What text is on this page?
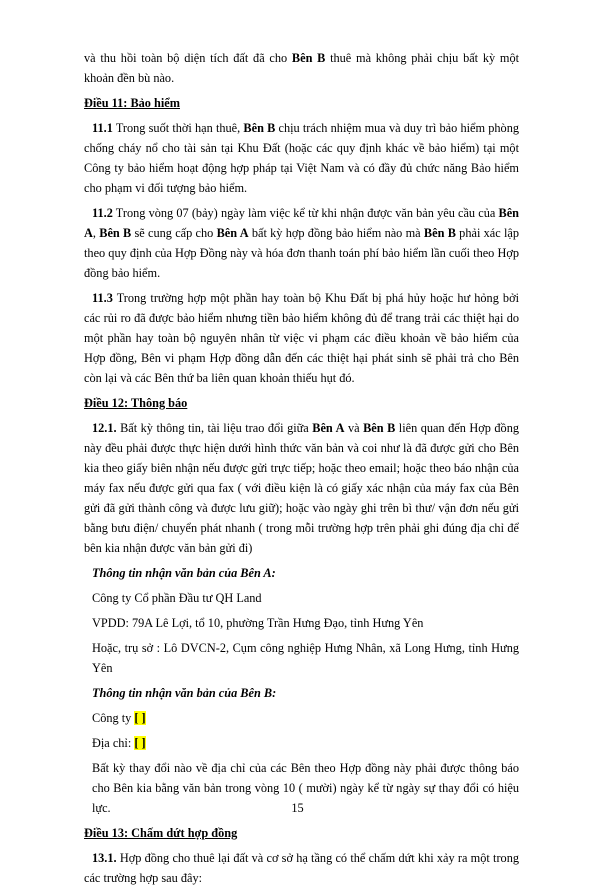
và thu hồi toàn bộ diện tích đất đã cho Bên B thuê mà không phải chịu bất kỳ một khoản đền bù nào.

Điều 11: Bảo hiểm

11.1 Trong suốt thời hạn thuê, Bên B chịu trách nhiệm mua và duy trì bảo hiểm phòng chống cháy nổ cho tài sản tại Khu Đất (hoặc các quy định khác về bảo hiểm) tại một Công ty bảo hiểm hoạt động hợp pháp tại Việt Nam và có đầy đủ chức năng Bảo hiểm cho phạm vi đối tượng bảo hiểm.

11.2 Trong vòng 07 (bảy) ngày làm việc kể từ khi nhận được văn bản yêu cầu của Bên A, Bên B sẽ cung cấp cho Bên A bất kỳ hợp đồng bảo hiểm nào mà Bên B phải xác lập theo quy định của Hợp Đồng này và hóa đơn thanh toán phí bảo hiểm lần cuối theo Hợp đồng bảo hiểm.

11.3 Trong trường hợp một phần hay toàn bộ Khu Đất bị phá hủy hoặc hư hỏng bởi các rủi ro đã được bảo hiểm nhưng tiền bảo hiểm không đủ để trang trải các thiệt hại do một phần hay toàn bộ nguyên nhân từ việc vi phạm các điều khoản về bảo hiểm của Hợp đồng, Bên vi phạm Hợp đồng dẫn đến các thiệt hại phát sinh sẽ phải trả cho Bên còn lại và các Bên thứ ba liên quan khoản thiếu hụt đó.

Điều 12: Thông báo

12.1. Bất kỳ thông tin, tài liệu trao đổi giữa Bên A và Bên B liên quan đến Hợp đồng này đều phải được thực hiện dưới hình thức văn bản và coi như là đã được gửi cho Bên kia theo giấy biên nhận nếu được gửi trực tiếp; hoặc theo email; hoặc theo báo nhận của máy fax nếu được gửi qua fax ( với điều kiện là có giấy xác nhận của máy fax của Bên gửi đã gửi thành công và được lưu giữ); hoặc vào ngày ghi trên bì thư/ vận đơn nếu gửi bằng bưu điện/ chuyển phát nhanh ( trong mỗi trường hợp trên phải ghi đúng địa chỉ để bên kia nhận được văn bản gửi đi)

Thông tin nhận văn bản của Bên A:

Công ty Cổ phần Đầu tư QH Land

VPDD: 79A Lê Lợi, tổ 10, phường Trần Hưng Đạo, tỉnh Hưng Yên

Hoặc, trụ sở : Lô DVCN-2, Cụm công nghiệp Hưng Nhân, xã Long Hưng, tỉnh Hưng Yên

Thông tin nhận văn bản của Bên B:

Công ty [ ]

Địa chỉ: [ ]

Bất kỳ thay đổi nào về địa chỉ của các Bên theo Hợp đồng này phải được thông báo cho Bên kia bằng văn bản trong vòng 10 ( mười) ngày kể từ ngày sự thay đổi có hiệu lực.

Điều 13: Chấm dứt hợp đồng

13.1. Hợp đồng cho thuê lại đất và cơ sở hạ tầng có thể chấm dứt khi xảy ra một trong các trường hợp sau đây:

15
